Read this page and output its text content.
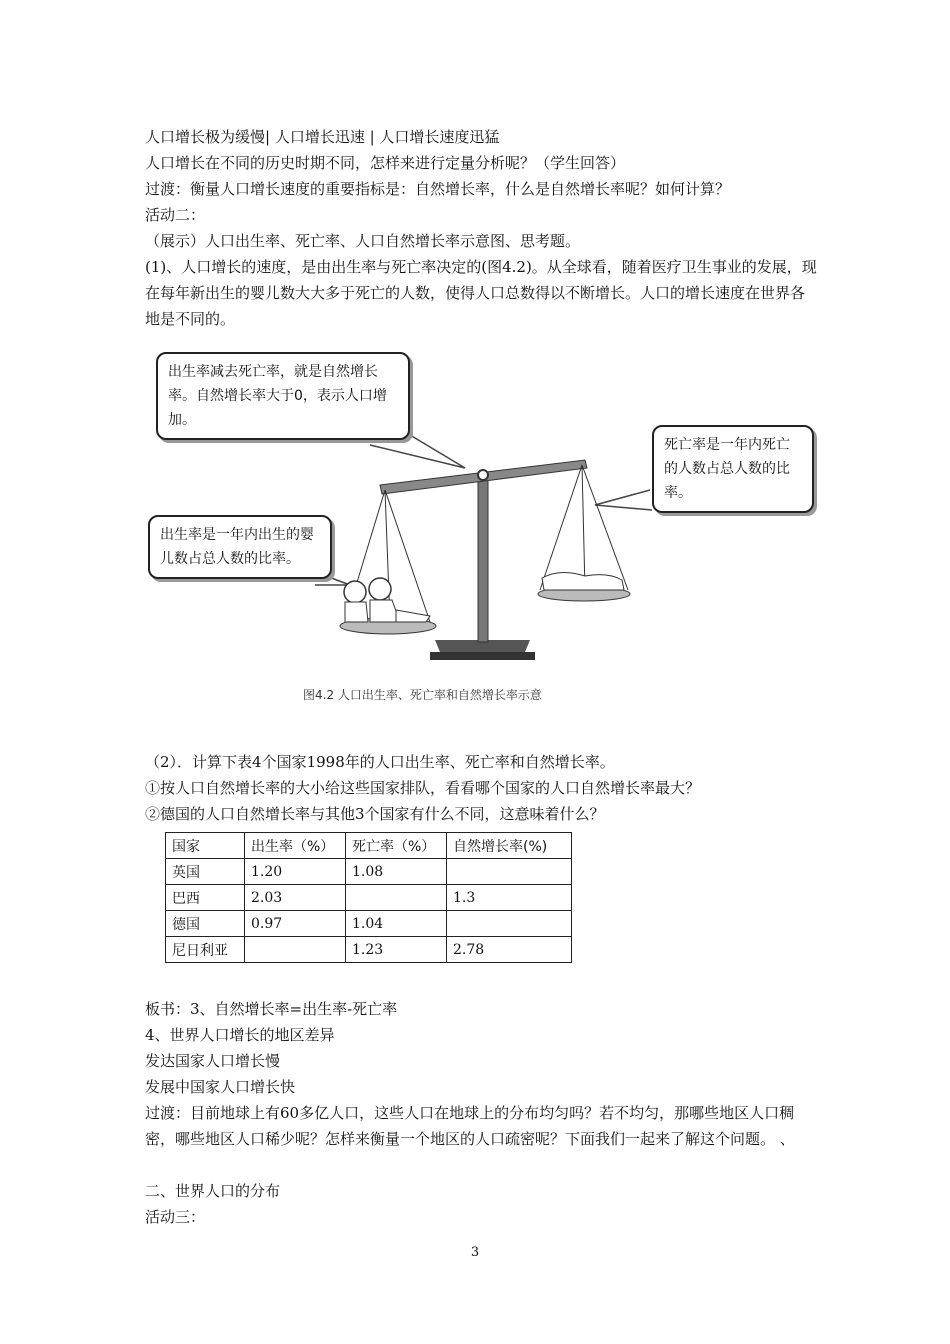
人口增长极为缓慢| 人口增长迅速 | 人口增长速度迅猛
人口增长在不同的历史时期不同，怎样来进行定量分析呢？（学生回答）
过渡：衡量人口增长速度的重要指标是：自然增长率，什么是自然增长率呢？如何计算？
活动二：
（展示）人口出生率、死亡率、人口自然增长率示意图、思考题。
(1)、人口增长的速度，是由出生率与死亡率决定的(图4.2)。从全球看，随着医疗卫生事业的发展，现在每年新出生的婴儿数大大多于死亡的人数，使得人口总数得以不断增长。人口的增长速度在世界各地是不同的。
出生率减去死亡率，就是自然增长率。自然增长率大于0，表示人口增加。
死亡率是一年内死亡的人数占总人数的比率。
出生率是一年内出生的婴儿数占总人数的比率。
图4.2 人口出生率、死亡率和自然增长率示意
（2）．计算下表4个国家1998年的人口出生率、死亡率和自然增长率。
①按人口自然增长率的大小给这些国家排队，看看哪个国家的人口自然增长率最大？
②德国的人口自然增长率与其他3个国家有什么不同，这意味着什么？
国家	出生率（%）	死亡率（%）	自然增长率(%)
英国	1.20	1.08	
巴西	2.03		1.3
德国	0.97	1.04	
尼日利亚		1.23	2.78
板书：3、自然增长率=出生率-死亡率
4、世界人口增长的地区差异
发达国家人口增长慢
发展中国家人口增长快
过渡：目前地球上有60多亿人口，这些人口在地球上的分布均匀吗？若不均匀，那哪些地区人口稠密，哪些地区人口稀少呢？怎样来衡量一个地区的人口疏密呢？下面我们一起来了解这个问题。 、
二、世界人口的分布
活动三：
3
